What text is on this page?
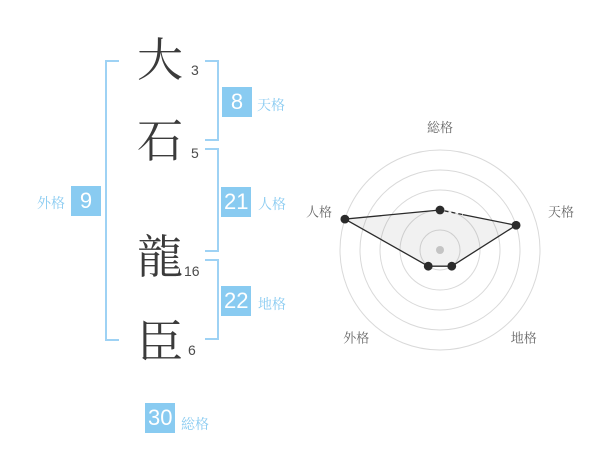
大
石
龍
臣
3
5
16
6
8 天格
21 人格
9
外格
22 地格
30 総格
総格
天格
地格
外格
人格
